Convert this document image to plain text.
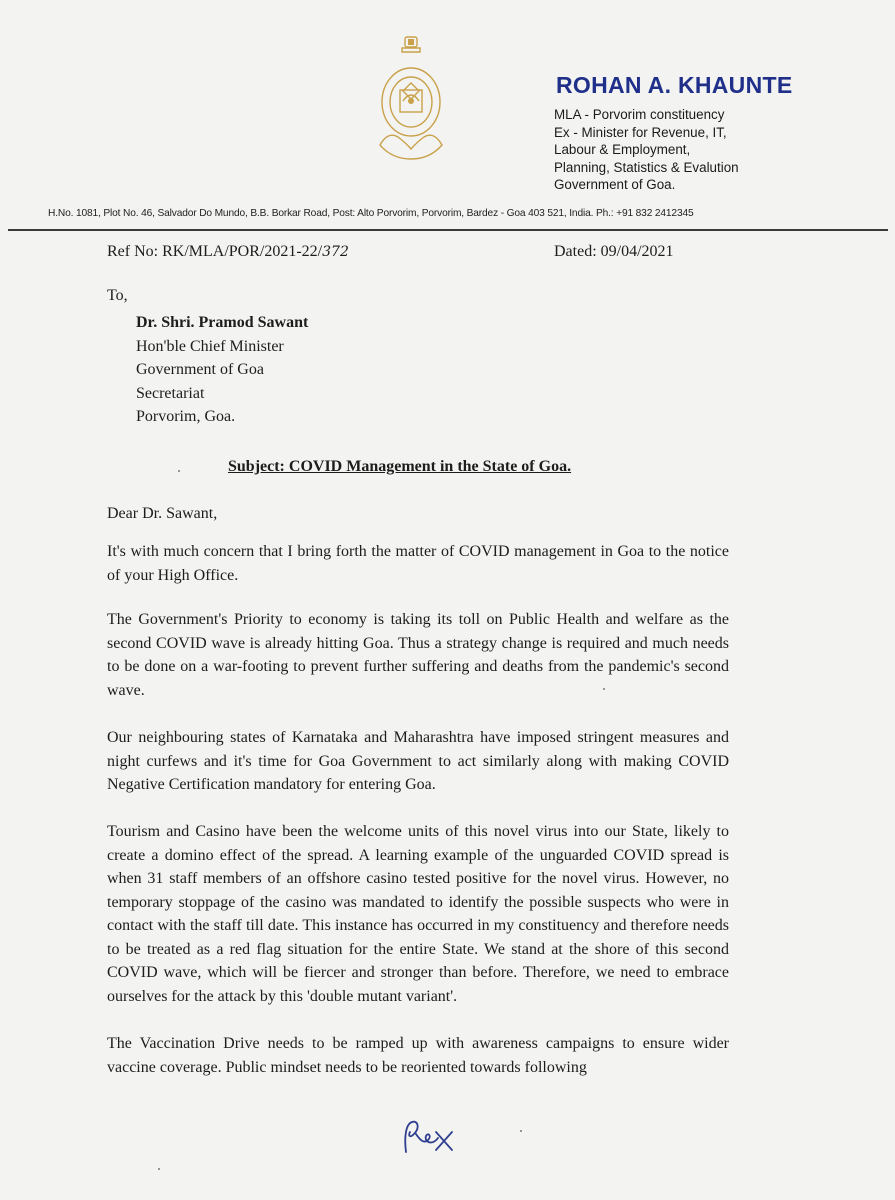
ROHAN A. KHAUNTE
MLA - Porvorim constituency
Ex - Minister for Revenue, IT,
Labour & Employment,
Planning, Statistics & Evalution
Government of Goa.
H.No. 1081, Plot No. 46, Salvador Do Mundo, B.B. Borkar Road, Post: Alto Porvorim, Porvorim, Bardez - Goa 403 521, India. Ph.: +91 832 2412345
Ref No: RK/MLA/POR/2021-22/372	Dated: 09/04/2021
To,
Dr. Shri. Pramod Sawant
Hon'ble Chief Minister
Government of Goa
Secretariat
Porvorim, Goa.
Subject: COVID Management in the State of Goa.
Dear Dr. Sawant,
It's with much concern that I bring forth the matter of COVID management in Goa to the notice of your High Office.
The Government's Priority to economy is taking its toll on Public Health and welfare as the second COVID wave is already hitting Goa. Thus a strategy change is required and much needs to be done on a war-footing to prevent further suffering and deaths from the pandemic's second wave.
Our neighbouring states of Karnataka and Maharashtra have imposed stringent measures and night curfews and it's time for Goa Government to act similarly along with making COVID Negative Certification mandatory for entering Goa.
Tourism and Casino have been the welcome units of this novel virus into our State, likely to create a domino effect of the spread. A learning example of the unguarded COVID spread is when 31 staff members of an offshore casino tested positive for the novel virus. However, no temporary stoppage of the casino was mandated to identify the possible suspects who were in contact with the staff till date. This instance has occurred in my constituency and therefore needs to be treated as a red flag situation for the entire State. We stand at the shore of this second COVID wave, which will be fiercer and stronger than before. Therefore, we need to embrace ourselves for the attack by this 'double mutant variant'.
The Vaccination Drive needs to be ramped up with awareness campaigns to ensure wider vaccine coverage. Public mindset needs to be reoriented towards following
